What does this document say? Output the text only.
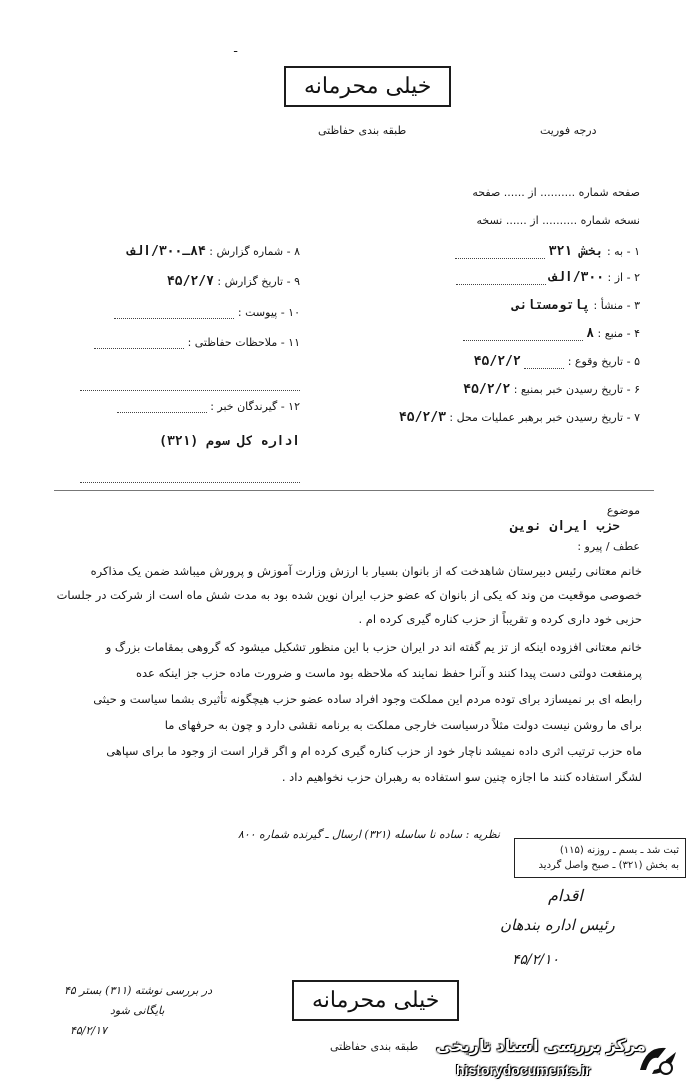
ـ
خیلی محرمانه
طبقه بندی حفاظتی	درجه فوریت
صفحه شماره .......... از ...... صفحه
نسخه شماره .......... از ...... نسخه
۱ - به : بخش ۳۲۱
۲ - از : ۳۰۰/الف
۳ - منشأ : پاتومستانی
۴ - منبع : ۸
۵ - تاریخ وقوع :  ۴۵/۲/۲
۶ - تاریخ رسیدن خبر بمنبع : ۴۵/۲/۲
۷ - تاریخ رسیدن خبر برهبر عملیات محل : ۴۵/۲/۳
۸ - شماره گزارش : ۸۴ـ۳۰۰/الف
۹ - تاریخ گزارش : ۴۵/۲/۷
۱۰ - پیوست :
۱۱ - ملاحظات حفاظتی :
۱۲ - گیرندگان خبر :
اداره کل سوم (۳۲۱)
موضوع
حزب ایران نوین
عطف / پیرو :
خانم معتانی رئیس دبیرستان شاهدخت که از بانوان بسیار با ارزش وزارت آموزش و پرورش میباشد ضمن یک مذاکره
خصوصی موقعیت من وند که یکی از بانوان که عضو حزب ایران نوین شده بود به مدت شش ماه است از شرکت در جلسات
حزبی خود داری کرده و تقریباً از حزب کناره گیری کرده ام .
خانم معتانی افزوده اینکه از تز یم گفته اند در ایران حزب با این منظور تشکیل میشود که گروهی بمقامات بزرگ و
پرمنفعت دولتی دست پیدا کنند و آنرا حفظ نمایند که ملاحظه بود ماست و ضرورت ماده حزب جز اینکه عده
رابطه ای بر نمیسازد برای توده مردم این مملکت وجود افراد ساده عضو حزب هیچگونه تأثیری بشما سیاست و حیثی
برای ما روشن نیست دولت مثلاً درسیاست خارجی مملکت به برنامه نقشی دارد و چون به حرفهای ما
ماه حزب ترتیب اثری داده نمیشد ناچار خود از حزب کناره گیری کرده ام و اگر قرار است از وجود ما برای سپاهی
لشگر استفاده کنند ما اجازه چنین سو استفاده به رهبران حزب نخواهیم داد .
نظریه : ساده نا ساسله (۳۲۱) ارسال ـ گیرنده شماره ۸۰۰
ثبت شد ـ بسم ـ روزنه (۱۱۵)
به بخش (۳۲۱) ـ صبح واصل گردید
اقدام
رئیس اداره بندهان
۴۵/۲/۱۰
در بررسی نوشته (۳۱۱) بستر ۴۵
بایگانی شود
۴۵/۲/۱۷
خیلی محرمانه
طبقه بندی حفاظتی مرکز بررسی اسناد تاریخی
historydocuments.ir
